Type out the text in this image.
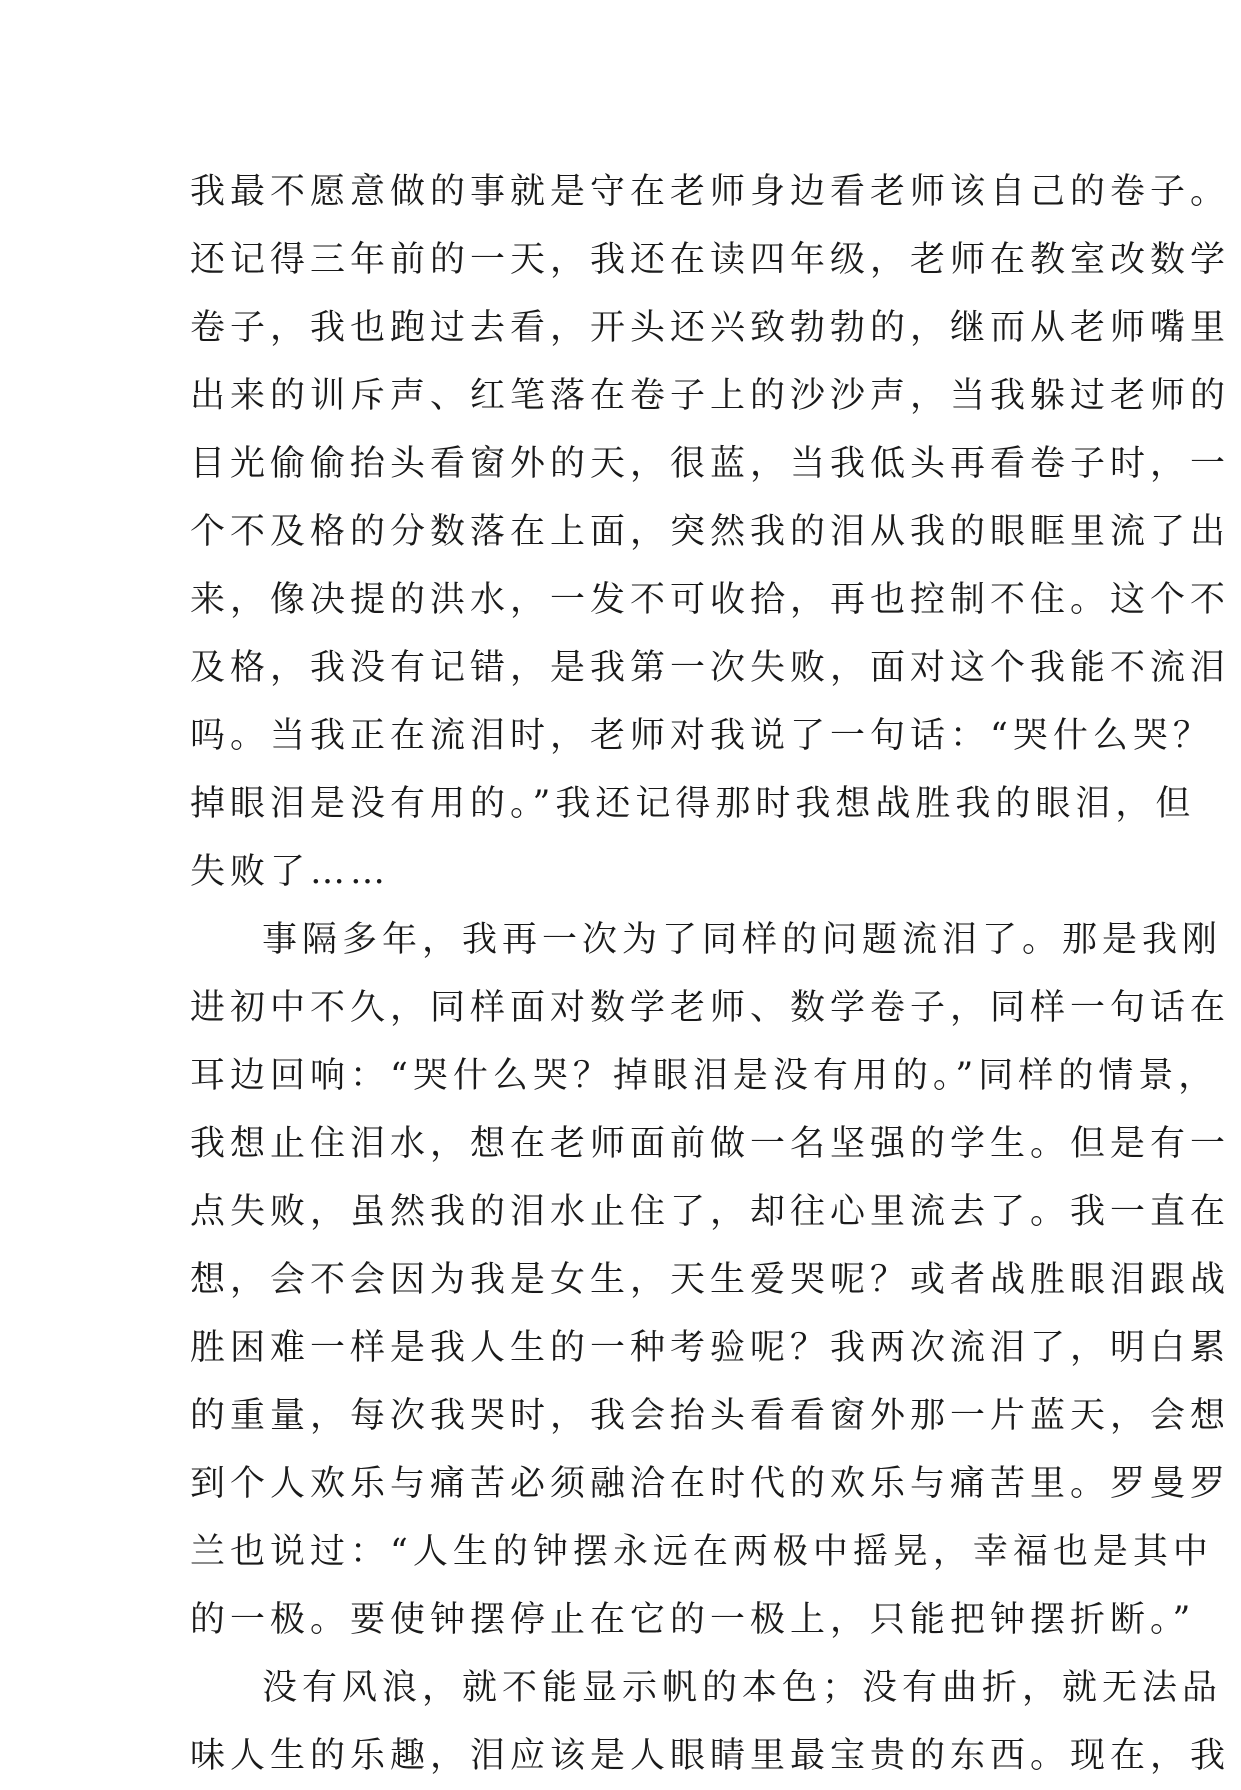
我最不愿意做的事就是守在老师身边看老师该自己的卷子。
还记得三年前的一天，我还在读四年级，老师在教室改数学
卷子，我也跑过去看，开头还兴致勃勃的，继而从老师嘴里
出来的训斥声、红笔落在卷子上的沙沙声，当我躲过老师的
目光偷偷抬头看窗外的天，很蓝，当我低头再看卷子时，一
个不及格的分数落在上面，突然我的泪从我的眼眶里流了出
来，像决提的洪水，一发不可收拾，再也控制不住。这个不
及格，我没有记错，是我第一次失败，面对这个我能不流泪
吗。当我正在流泪时，老师对我说了一句话：“哭什么哭？
掉眼泪是没有用的。”我还记得那时我想战胜我的眼泪，但
失败了……
事隔多年，我再一次为了同样的问题流泪了。那是我刚
进初中不久，同样面对数学老师、数学卷子，同样一句话在
耳边回响：“哭什么哭？掉眼泪是没有用的。”同样的情景，
我想止住泪水，想在老师面前做一名坚强的学生。但是有一
点失败，虽然我的泪水止住了，却往心里流去了。我一直在
想，会不会因为我是女生，天生爱哭呢？或者战胜眼泪跟战
胜困难一样是我人生的一种考验呢？我两次流泪了，明白累
的重量，每次我哭时，我会抬头看看窗外那一片蓝天，会想
到个人欢乐与痛苦必须融洽在时代的欢乐与痛苦里。罗曼罗
兰也说过：“人生的钟摆永远在两极中摇晃，幸福也是其中
的一极。要使钟摆停止在它的一极上，只能把钟摆折断。”
没有风浪，就不能显示帆的本色；没有曲折，就无法品
味人生的乐趣，泪应该是人眼睛里最宝贵的东西。现在，我
